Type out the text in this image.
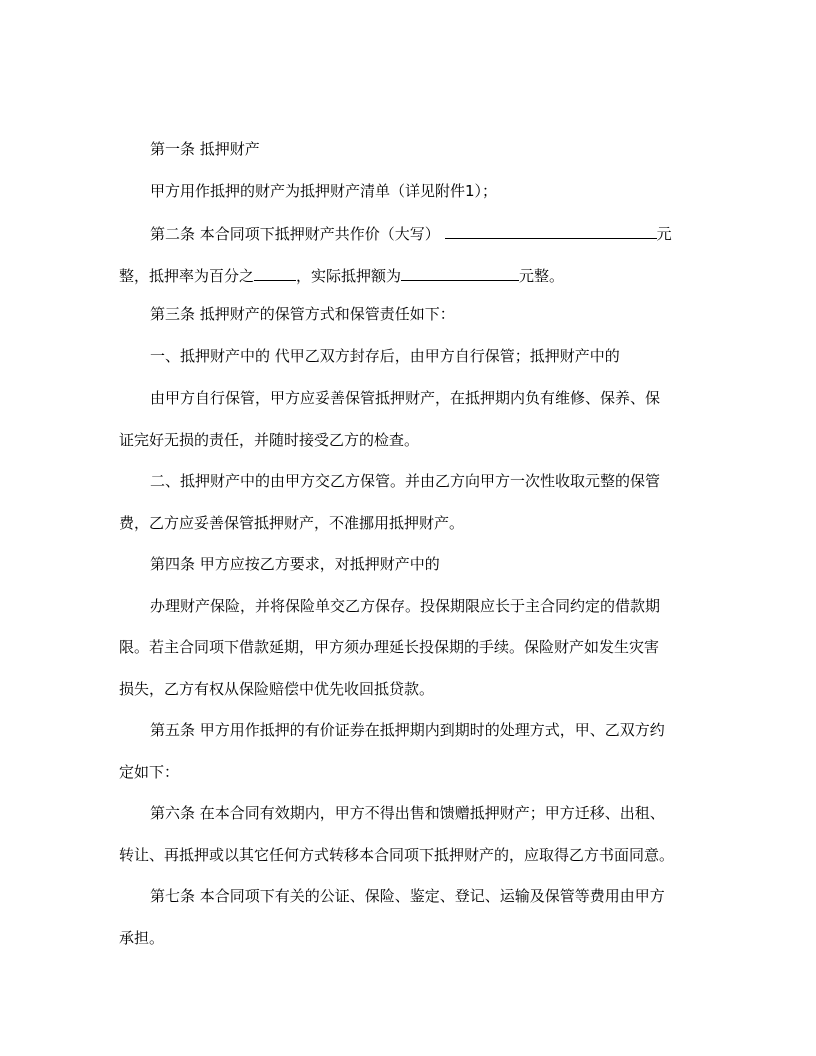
第一条 抵押财产
甲方用作抵押的财产为抵押财产清单（详见附件1）；
第二条 本合同项下抵押财产共作价（大写）	元
整，抵押率为百分之	，实际抵押额为	元整。
第三条 抵押财产的保管方式和保管责任如下：
一、抵押财产中的 代甲乙双方封存后，由甲方自行保管；抵押财产中的
由甲方自行保管，甲方应妥善保管抵押财产，在抵押期内负有维修、保养、保
证完好无损的责任，并随时接受乙方的检查。
二、抵押财产中的由甲方交乙方保管。并由乙方向甲方一次性收取元整的保管
费，乙方应妥善保管抵押财产，不准挪用抵押财产。
第四条 甲方应按乙方要求，对抵押财产中的
办理财产保险，并将保险单交乙方保存。投保期限应长于主合同约定的借款期
限。若主合同项下借款延期，甲方须办理延长投保期的手续。保险财产如发生灾害
损失，乙方有权从保险赔偿中优先收回抵贷款。
第五条 甲方用作抵押的有价证券在抵押期内到期时的处理方式，甲、乙双方约
定如下：
第六条 在本合同有效期内，甲方不得出售和馈赠抵押财产；甲方迁移、出租、
转让、再抵押或以其它任何方式转移本合同项下抵押财产的，应取得乙方书面同意。
第七条 本合同项下有关的公证、保险、鉴定、登记、运输及保管等费用由甲方
承担。
